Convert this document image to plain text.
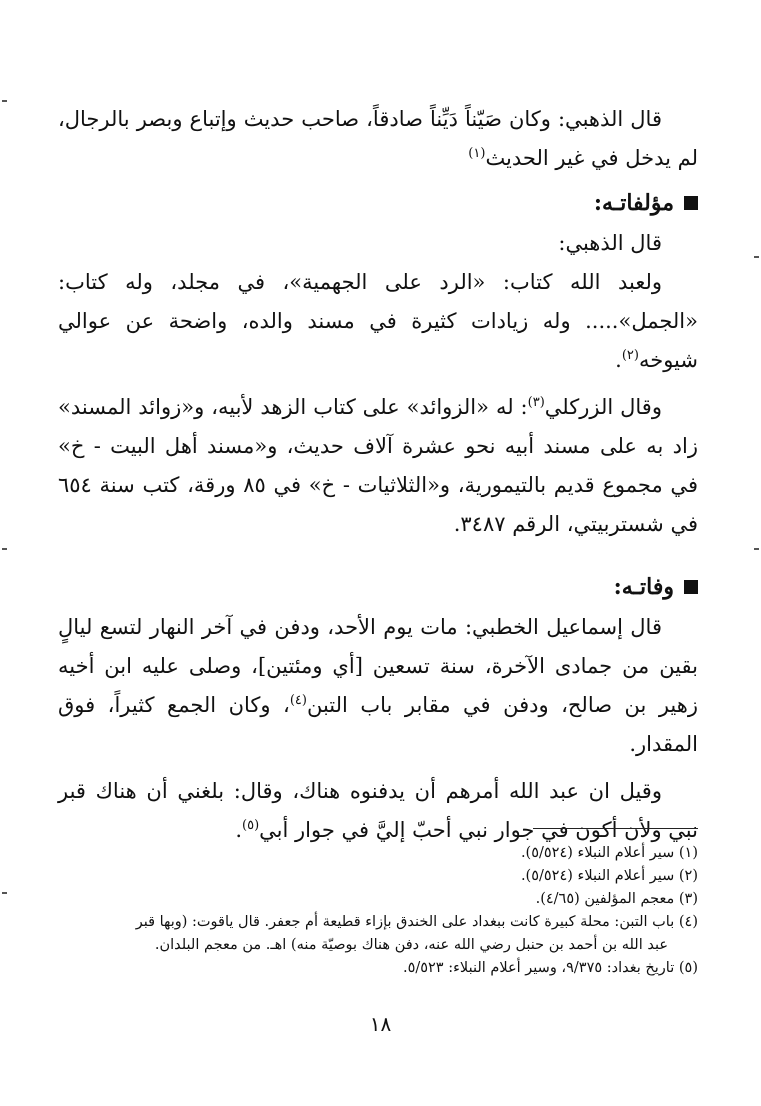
قال الذهبي: وكان صَيّناً دَيِّناً صادقاً، صاحب حديث وإتباع وبصر بالرجال، لم يدخل في غير الحديث$^{(١)}$

مؤلفاتـه:

قال الذهبي:

ولعبد الله كتاب: «الرد على الجهمية»، في مجلد، وله كتاب: «الجمل»..... وله زيادات كثيرة في مسند والده، واضحة عن عوالي شيوخه$^{(٢)}$.

وقال الزركلي$^{(٣)}$: له «الزوائد» على كتاب الزهد لأبيه، و«زوائد المسند» زاد به على مسند أبيه نحو عشرة آلاف حديث، و«مسند أهل البيت - خ» في مجموع قديم بالتيمورية، و«الثلاثيات - خ» في ٨٥ ورقة، كتب سنة ٦٥٤ في شستربيتي، الرقم ٣٤٨٧.

وفاتـه:

قال إسماعيل الخطبي: مات يوم الأحد، ودفن في آخر النهار لتسع ليالٍ بقين من جمادى الآخرة، سنة تسعين [أي ومئتين]، وصلى عليه ابن أخيه زهير بن صالح، ودفن في مقابر باب التبن$^{(٤)}$، وكان الجمع كثيراً، فوق المقدار.

وقيل ان عبد الله أمرهم أن يدفنوه هناك، وقال: بلغني أن هناك قبر نبي ولأن أكون في جوار نبي أحبّ إليَّ في جوار أبي$^{(٥)}$.

(١) سير أعلام النبلاء (٥/٥٢٤).
(٢) سير أعلام النبلاء (٥/٥٢٤).
(٣) معجم المؤلفين (٤/٦٥).
(٤) باب التبن: محلة كبيرة كانت ببغداد على الخندق بإزاء قطيعة أم جعفر. قال ياقوت: (وبها قبر
عبد الله بن أحمد بن حنبل رضي الله عنه، دفن هناك بوصيّة منه) اهـ. من معجم البلدان.
(٥) تاريخ بغداد: ٩/٣٧٥، وسير أعلام النبلاء: ٥/٥٢٣.
١٨
